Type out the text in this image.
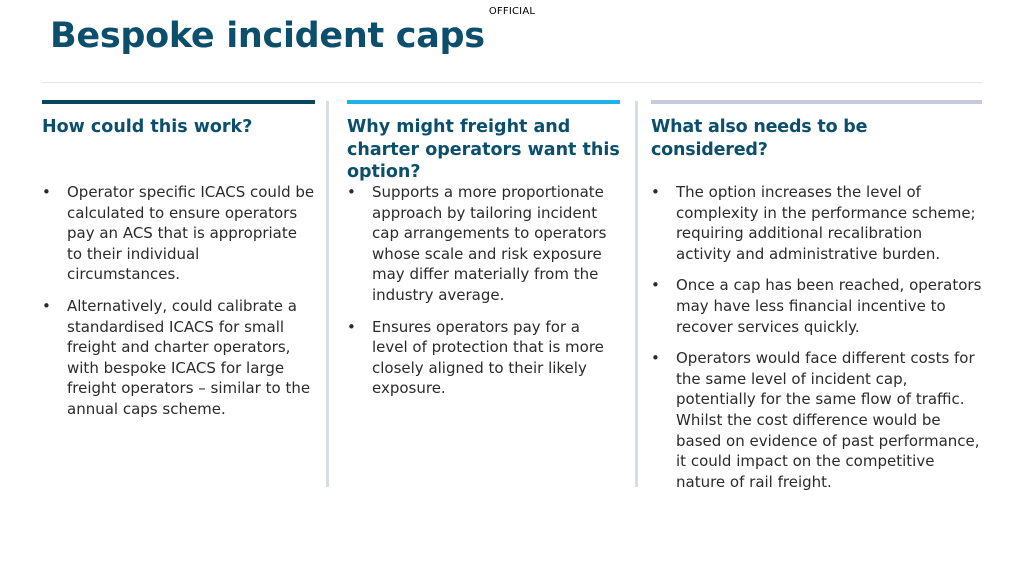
OFFICIAL
Bespoke incident caps
How could this work?
• Operator specific ICACS could be calculated to ensure operators pay an ACS that is appropriate to their individual circumstances.
• Alternatively, could calibrate a standardised ICACS for small freight and charter operators, with bespoke ICACS for large freight operators – similar to the annual caps scheme.
Why might freight and charter operators want this option?
• Supports a more proportionate approach by tailoring incident cap arrangements to operators whose scale and risk exposure may differ materially from the industry average.
• Ensures operators pay for a level of protection that is more closely aligned to their likely exposure.
What also needs to be considered?
• The option increases the level of complexity in the performance scheme; requiring additional recalibration activity and administrative burden.
• Once a cap has been reached, operators may have less financial incentive to recover services quickly.
• Operators would face different costs for the same level of incident cap, potentially for the same flow of traffic. Whilst the cost difference would be based on evidence of past performance, it could impact on the competitive nature of rail freight.
